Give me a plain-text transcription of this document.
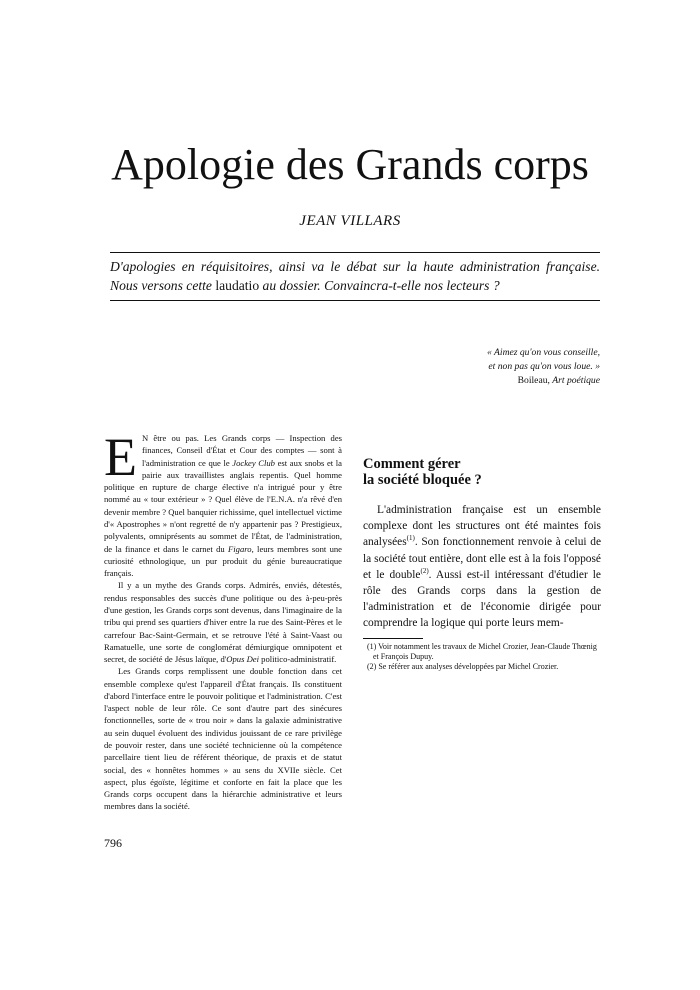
Apologie des Grands corps
JEAN VILLARS
D'apologies en réquisitoires, ainsi va le débat sur la haute administration française. Nous versons cette laudatio au dossier. Convaincra-t-elle nos lecteurs ?
« Aimez qu'on vous conseille,
et non pas qu'on vous loue. »
Boileau, Art poétique

E N être ou pas. Les Grands corps — Inspection des finances, Conseil d'État et Cour des comptes — sont à l'administration ce que le Jockey Club est aux snobs et la pairie aux travaillistes anglais repentis. Quel homme politique en rupture de charge élective n'a intrigué pour y être nommé au « tour extérieur » ? Quel élève de l'E.N.A. n'a rêvé d'en devenir membre ? Quel banquier richissime, quel intellectuel victime d'« Apostrophes » n'ont regretté de n'y appartenir pas ? Prestigieux, polyvalents, omniprésents au sommet de l'État, de l'administration, de la finance et dans le carnet du Figaro, leurs membres sont une curiosité ethnologique, un pur produit du génie bureaucratique français.

Il y a un mythe des Grands corps. Admirés, enviés, détestés, rendus responsables des succès d'une politique ou des à-peu-près d'une gestion, les Grands corps sont devenus, dans l'imaginaire de la tribu qui prend ses quartiers d'hiver entre la rue des Saint-Pères et le carrefour Bac-Saint-Germain, et se retrouve l'été à Saint-Vaast ou Ramatuelle, une sorte de conglomérat démiurgique omnipotent et secret, de société de Jésus laïque, d'Opus Dei politico-administratif.

Les Grands corps remplissent une double fonction dans cet ensemble complexe qu'est l'appareil d'État français. Ils constituent d'abord l'interface entre le pouvoir politique et l'administration. C'est l'aspect noble de leur rôle. Ce sont d'autre part des sinécures fonctionnelles, sorte de « trou noir » dans la galaxie administrative au sein duquel évoluent des individus jouissant de ce rare privilège de pouvoir rester, dans une société technicienne où la compétence parcellaire tient lieu de référent théorique, de praxis et de statut social, des « honnêtes hommes » au sens du XVIIe siècle. Cet aspect, plus égoïste, légitime et conforte en fait la place que les Grands corps occupent dans la hiérarchie administrative et leurs membres dans la société.

Comment gérer
la société bloquée ?

L'administration française est un ensemble complexe dont les structures ont été maintes fois analysées$^{(1)}$. Son fonctionnement renvoie à celui de la société tout entière, dont elle est à la fois l'opposé et le double$^{(2)}$. Aussi est-il intéressant d'étudier le rôle des Grands corps dans la gestion de l'administration et de l'économie dirigée pour comprendre la logique qui porte leurs mem-

(1) Voir notamment les travaux de Michel Crozier, Jean-Claude Thœnig et François Dupuy.

(2) Se référer aux analyses développées par Michel Crozier.

796
